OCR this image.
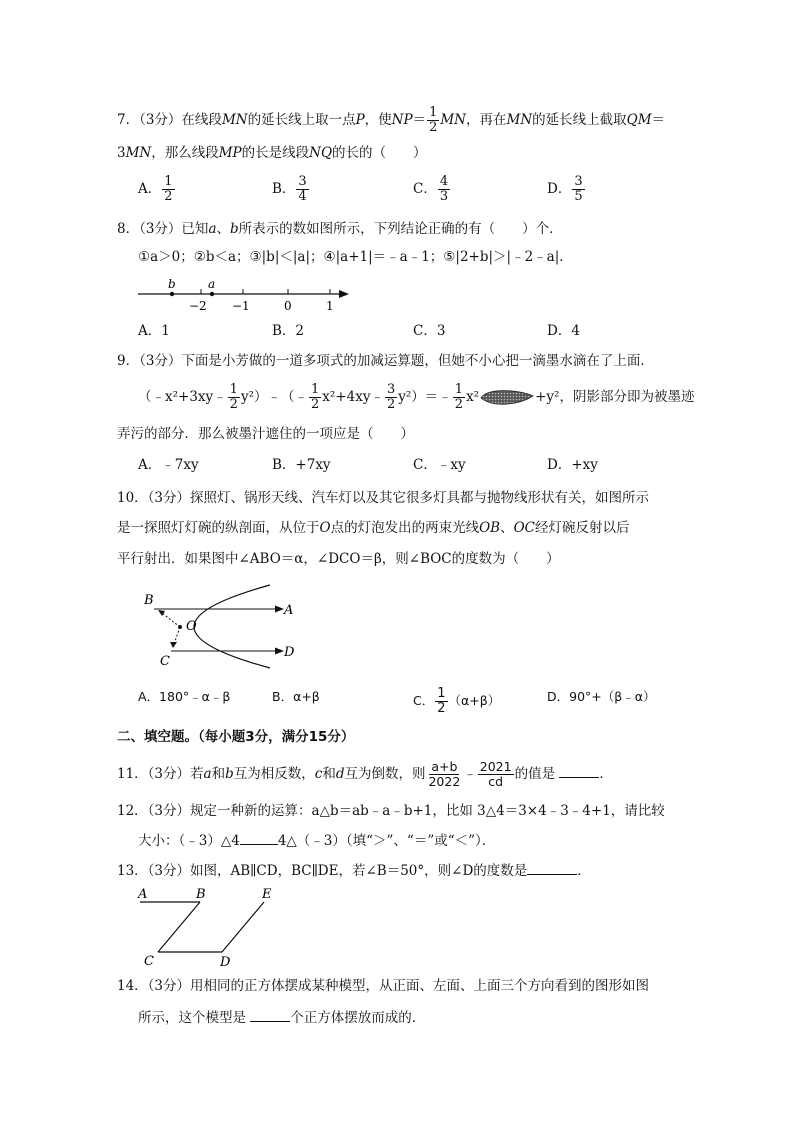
7．（3分）在线段MN的延长线上取一点P，使$NP= \frac{1}{2}$ MN，再在MN的延长线上截取QM＝
3MN，那么线段MP的长是线段NQ的长的（　　）
A． $\frac{1}{2}$	B． $\frac{3}{4}$	C． $\frac{4}{3}$	D． $\frac{3}{5}$
8．（3分）已知a、b所表示的数如图所示，下列结论正确的有（　　）个．
①a＞0；②b＜a；③|b|＜|a|；④|a+1|＝﹣a﹣1；⑤|2+b|＞|﹣2﹣a|．
b	a
−2 −1	0	1
A．1	B．2	C．3	D．4
9．（3分）下面是小芳做的一道多项式的加减运算题，但她不小心把一滴墨水滴在了上面．
（﹣x²+3xy﹣ $\frac{1}{2}$ y²）﹣（﹣ $\frac{1}{2}$ x²+4xy﹣ $\frac{3}{2}$ y²）＝﹣ $\frac{1}{2} x^2$	+y²，阴影部分即为被墨迹
弄污的部分．那么被墨汁遮住的一项应是（　　）
A．﹣7xy	B．+7xy	C．﹣xy	D．+xy
10．（3分）探照灯、锅形天线、汽车灯以及其它很多灯具都与抛物线形状有关，如图所示
是一探照灯灯碗的纵剖面，从位于O点的灯泡发出的两束光线OB、OC经灯碗反射以后
平行射出．如果图中∠ABO＝α，∠DCO＝β，则∠BOC的度数为（　　）
B
A
O
C
D
A．180°﹣α﹣β	B．α+β	C． $\frac{1}{2} (\alpha+\beta)$	D．90°+（β﹣α）
二、填空题。（每小题3分，满分15分）
11．（3分）若a和b互为相反数，c和d互为倒数，则 $\frac{a+b}{2022}$ ﹣ $\frac{2021}{cd}$ 的值是	．
12．（3分）规定一种新的运算：a△b＝ab﹣a﹣b+1，比如 3△4＝3×4﹣3﹣4+1，请比较
大小：（﹣3）△4	4△（﹣3）（填“＞”、“＝”或“＜”）．
13．（3分）如图，AB∥CD，BC∥DE，若∠B＝50°，则∠D的度数是	．
A	B	E
C	D
14．（3分）用相同的正方体摆成某种模型，从正面、左面、上面三个方向看到的图形如图
所示，这个模型是	个正方体摆放而成的．
